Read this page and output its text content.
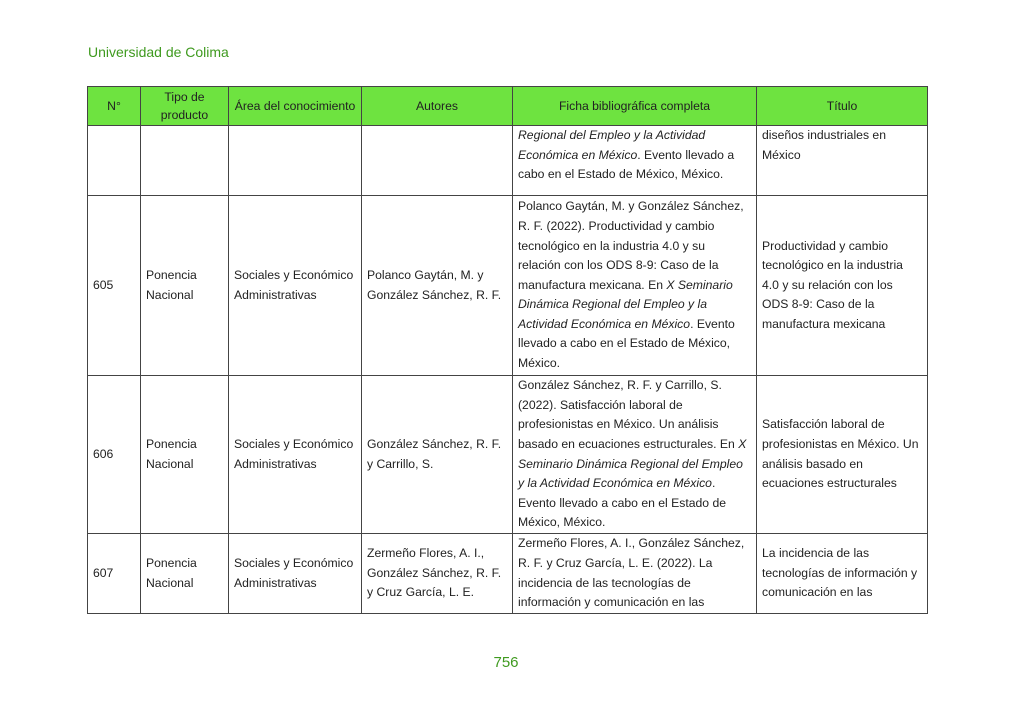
Universidad de Colima
N°	Tipo de producto	Área del conocimiento	Autores	Ficha bibliográfica completa	Título
				Regional del Empleo y la Actividad Económica en México. Evento llevado a cabo en el Estado de México, México.	diseños industriales en México
605	Ponencia Nacional	Sociales y Económico Administrativas	Polanco Gaytán, M. y González Sánchez, R. F.	Polanco Gaytán, M. y González Sánchez, R. F. (2022). Productividad y cambio tecnológico en la industria 4.0 y su relación con los ODS 8-9: Caso de la manufactura mexicana. En X Seminario Dinámica Regional del Empleo y la Actividad Económica en México. Evento llevado a cabo en el Estado de México, México.	Productividad y cambio tecnológico en la industria 4.0 y su relación con los ODS 8-9: Caso de la manufactura mexicana
606	Ponencia Nacional	Sociales y Económico Administrativas	González Sánchez, R. F. y Carrillo, S.	González Sánchez, R. F. y Carrillo, S. (2022). Satisfacción laboral de profesionistas en México. Un análisis basado en ecuaciones estructurales. En X Seminario Dinámica Regional del Empleo y la Actividad Económica en México. Evento llevado a cabo en el Estado de México, México.	Satisfacción laboral de profesionistas en México. Un análisis basado en ecuaciones estructurales
607	Ponencia Nacional	Sociales y Económico Administrativas	Zermeño Flores, A. I., González Sánchez, R. F. y Cruz García, L. E.	Zermeño Flores, A. I., González Sánchez, R. F. y Cruz García, L. E. (2022). La incidencia de las tecnologías de información y comunicación en las	La incidencia de las tecnologías de información y comunicación en las
756
